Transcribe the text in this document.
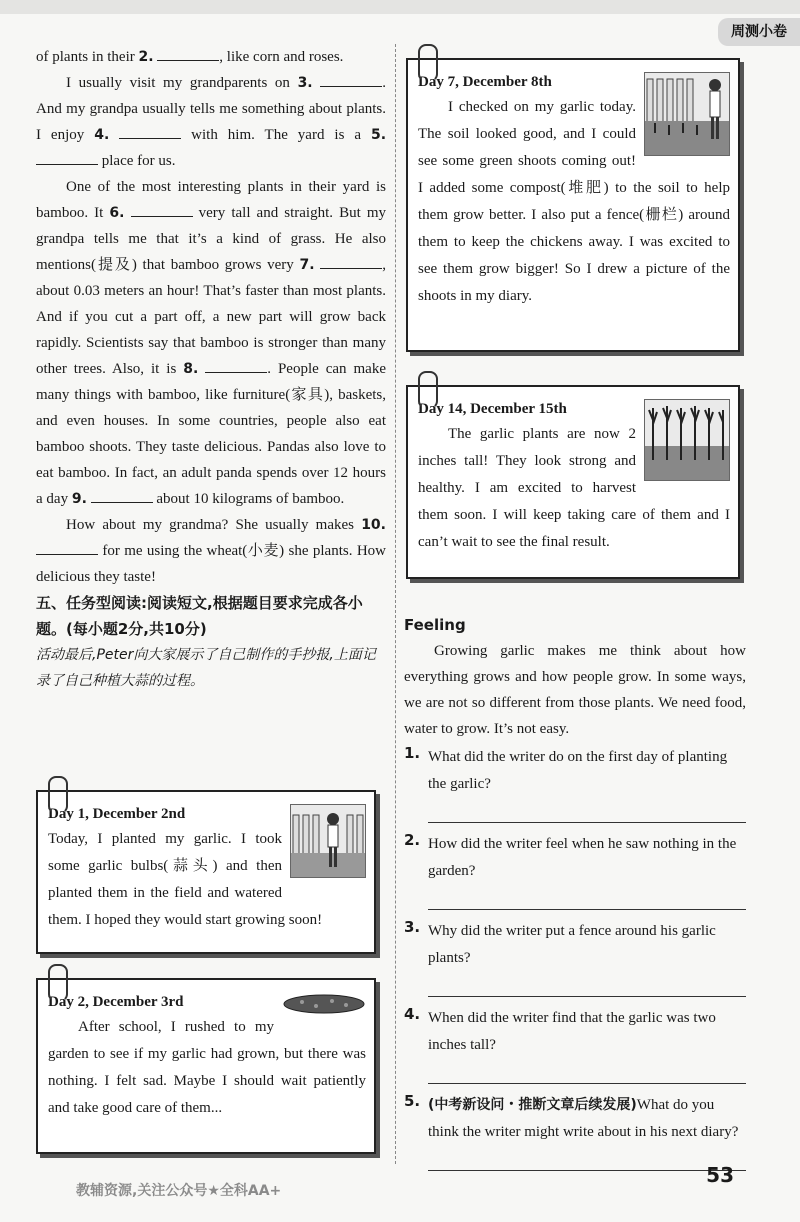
周测小卷

of plants in their 2.	, like corn and roses.

I usually visit my grandparents on 3.	. And my grandpa usually tells me something about plants. I enjoy 4.	with him. The yard is a 5.  place for us.

One of the most interesting plants in their yard is bamboo. It 6.	very tall and straight. But my grandpa tells me that it’s a kind of grass. He also mentions(提及) that bamboo grows very 7.	, about 0.03 meters an hour! That’s faster than most plants. And if you cut a part off, a new part will grow back rapidly. Scientists say that bamboo is stronger than many other trees. Also, it is 8.	. People can make many things with bamboo, like furniture(家具), baskets, and even houses. In some countries, people also eat bamboo shoots. They taste delicious. Pandas also love to eat bamboo. In fact, an adult panda spends over 12 hours a day 9.	about 10 kilograms of bamboo.

How about my grandma? She usually makes 10.  for me using the wheat(小麦) she plants. How delicious they taste!

五、任务型阅读:阅读短文,根据题目要求完成各小题。(每小题2分,共10分)

活动最后,Peter向大家展示了自己制作的手抄报,上面记录了自己种植大蒜的过程。

Day 1, December 2nd

Today, I planted my garlic. I took some garlic bulbs(蒜头) and then planted them in the field and watered them. I hoped they would start growing soon!

Day 2, December 3rd

After school, I rushed to my garden to see if my garlic had grown, but there was nothing. I felt sad. Maybe I should wait patiently and take good care of them...

Day 7, December 8th

I checked on my garlic today. The soil looked good, and I could see some green shoots coming out! I added some compost(堆肥) to the soil to help them grow better. I also put a fence(栅栏) around them to keep the chickens away. I was excited to see them grow bigger! So I drew a picture of the shoots in my diary.

Day 14, December 15th

The garlic plants are now 2 inches tall! They look strong and healthy. I am excited to harvest them soon. I will keep taking care of them and I can’t wait to see the final result.

Feeling

Growing garlic makes me think about how everything grows and how people grow. In some ways, we are not so different from those plants. We need food, water to grow. It’s not easy.

1. What did the writer do on the first day of planting the garlic?

2. How did the writer feel when he saw nothing in the garden?

3. Why did the writer put a fence around his garlic plants?

4. When did the writer find that the garlic was two inches tall?

5. (中考新设问・推断文章后续发展)What do you think the writer might write about in his next diary?

53
教辅资源,关注公众号★全科AA+
